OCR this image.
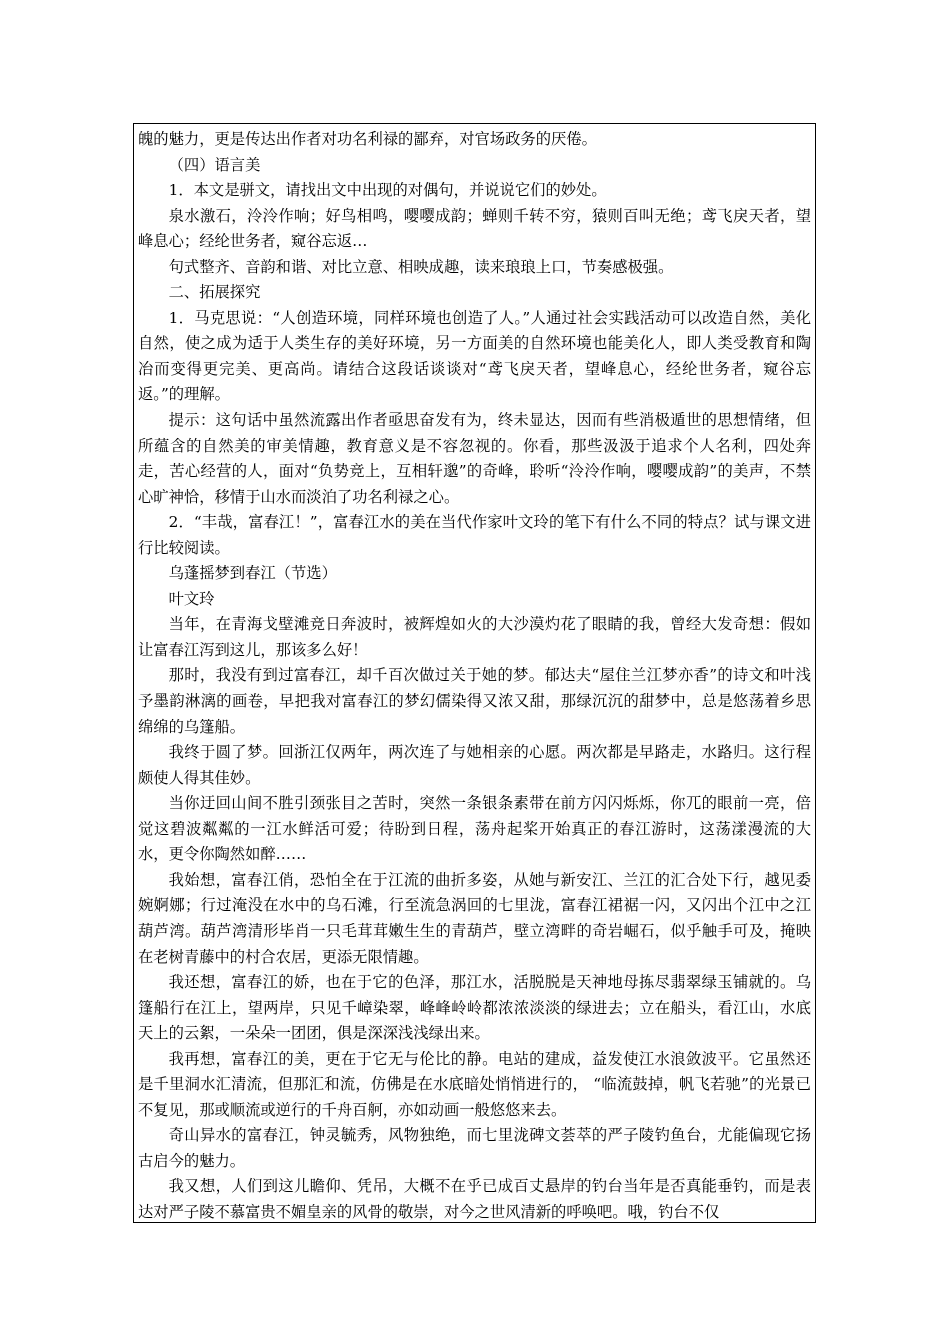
魄的魅力，更是传达出作者对功名利禄的鄙弃，对官场政务的厌倦。

（四）语言美

1．本文是骈文，请找出文中出现的对偶句，并说说它们的妙处。

泉水激石，泠泠作响；好鸟相鸣，嘤嘤成韵；蝉则千转不穷，猿则百叫无绝；鸢飞戾天者，望峰息心；经纶世务者，窥谷忘返…

句式整齐、音韵和谐、对比立意、相映成趣，读来琅琅上口，节奏感极强。

二、拓展探究

1．马克思说：“人创造环境，同样环境也创造了人。”人通过社会实践活动可以改造自然，美化自然，使之成为适于人类生存的美好环境，另一方面美的自然环境也能美化人，即人类受教育和陶冶而变得更完美、更高尚。请结合这段话谈谈对“鸢飞戾天者，望峰息心，经纶世务者，窥谷忘返。”的理解。

提示：这句话中虽然流露出作者亟思奋发有为，终未显达，因而有些消极遁世的思想情绪，但所蕴含的自然美的审美情趣，教育意义是不容忽视的。你看，那些汲汲于追求个人名利，四处奔走，苦心经营的人，面对“负势竞上，互相轩邈”的奇峰，聆听“泠泠作响，嘤嘤成韵”的美声，不禁心旷神恰，移情于山水而淡泊了功名利禄之心。

2．“丰哉，富春江！”，富春江水的美在当代作家叶文玲的笔下有什么不同的特点？试与课文进行比较阅读。

乌蓬摇梦到春江（节选）

叶文玲

当年，在青海戈壁滩竞日奔波时，被辉煌如火的大沙漠灼花了眼睛的我，曾经大发奇想：假如让富春江泻到这儿，那该多么好！

那时，我没有到过富春江，却千百次做过关于她的梦。郁达夫“屋住兰江梦亦香”的诗文和叶浅予墨韵淋漓的画卷，早把我对富春江的梦幻儒染得又浓又甜，那绿沉沉的甜梦中，总是悠荡着乡思绵绵的乌篷船。

我终于圆了梦。回浙江仅两年，两次连了与她相亲的心愿。两次都是早路走，水路归。这行程颇使人得其佳妙。

当你迂回山间不胜引颈张目之苦时，突然一条银条素带在前方闪闪烁烁，你兀的眼前一亮，倍觉这碧波粼粼的一江水鲜活可爱；待盼到日程，荡舟起桨开始真正的春江游时，这荡漾漫流的大水，更令你陶然如醉……

我始想，富春江俏，恐怕全在于江流的曲折多姿，从她与新安江、兰江的汇合处下行，越见委婉婀娜；行过淹没在水中的乌石滩，行至流急涡回的七里泷，富春江裙裾一闪，又闪出个江中之江葫芦湾。葫芦湾清形毕肖一只毛茸茸嫩生生的青葫芦，壁立湾畔的奇岩崛石，似乎触手可及，掩映在老树青藤中的村合农居，更添无限情趣。

我还想，富春江的娇，也在于它的色泽，那江水，活脱脱是天神地母拣尽翡翠绿玉铺就的。乌篷船行在江上，望两岸，只见千嶂染翠，峰峰岭岭都浓浓淡淡的绿进去；立在船头，看江山，水底天上的云絮，一朵朵一团团，俱是深深浅浅绿出来。

我再想，富春江的美，更在于它无与伦比的静。电站的建成，益发使江水浪敛波平。它虽然还是千里洞水汇清流，但那汇和流，仿佛是在水底暗处悄悄进行的， “临流鼓掉，帆飞若驰”的光景已不复见，那或顺流或逆行的千舟百舸，亦如动画一般悠悠来去。

奇山异水的富春江，钟灵毓秀，风物独绝，而七里泷碑文荟萃的严子陵钓鱼台，尤能偏现它扬古启今的魅力。

我又想，人们到这儿瞻仰、凭吊，大概不在乎已成百丈悬岸的钓台当年是否真能垂钓，而是表达对严子陵不慕富贵不媚皇亲的风骨的敬崇，对今之世风清新的呼唤吧。哦，钓台不仅
